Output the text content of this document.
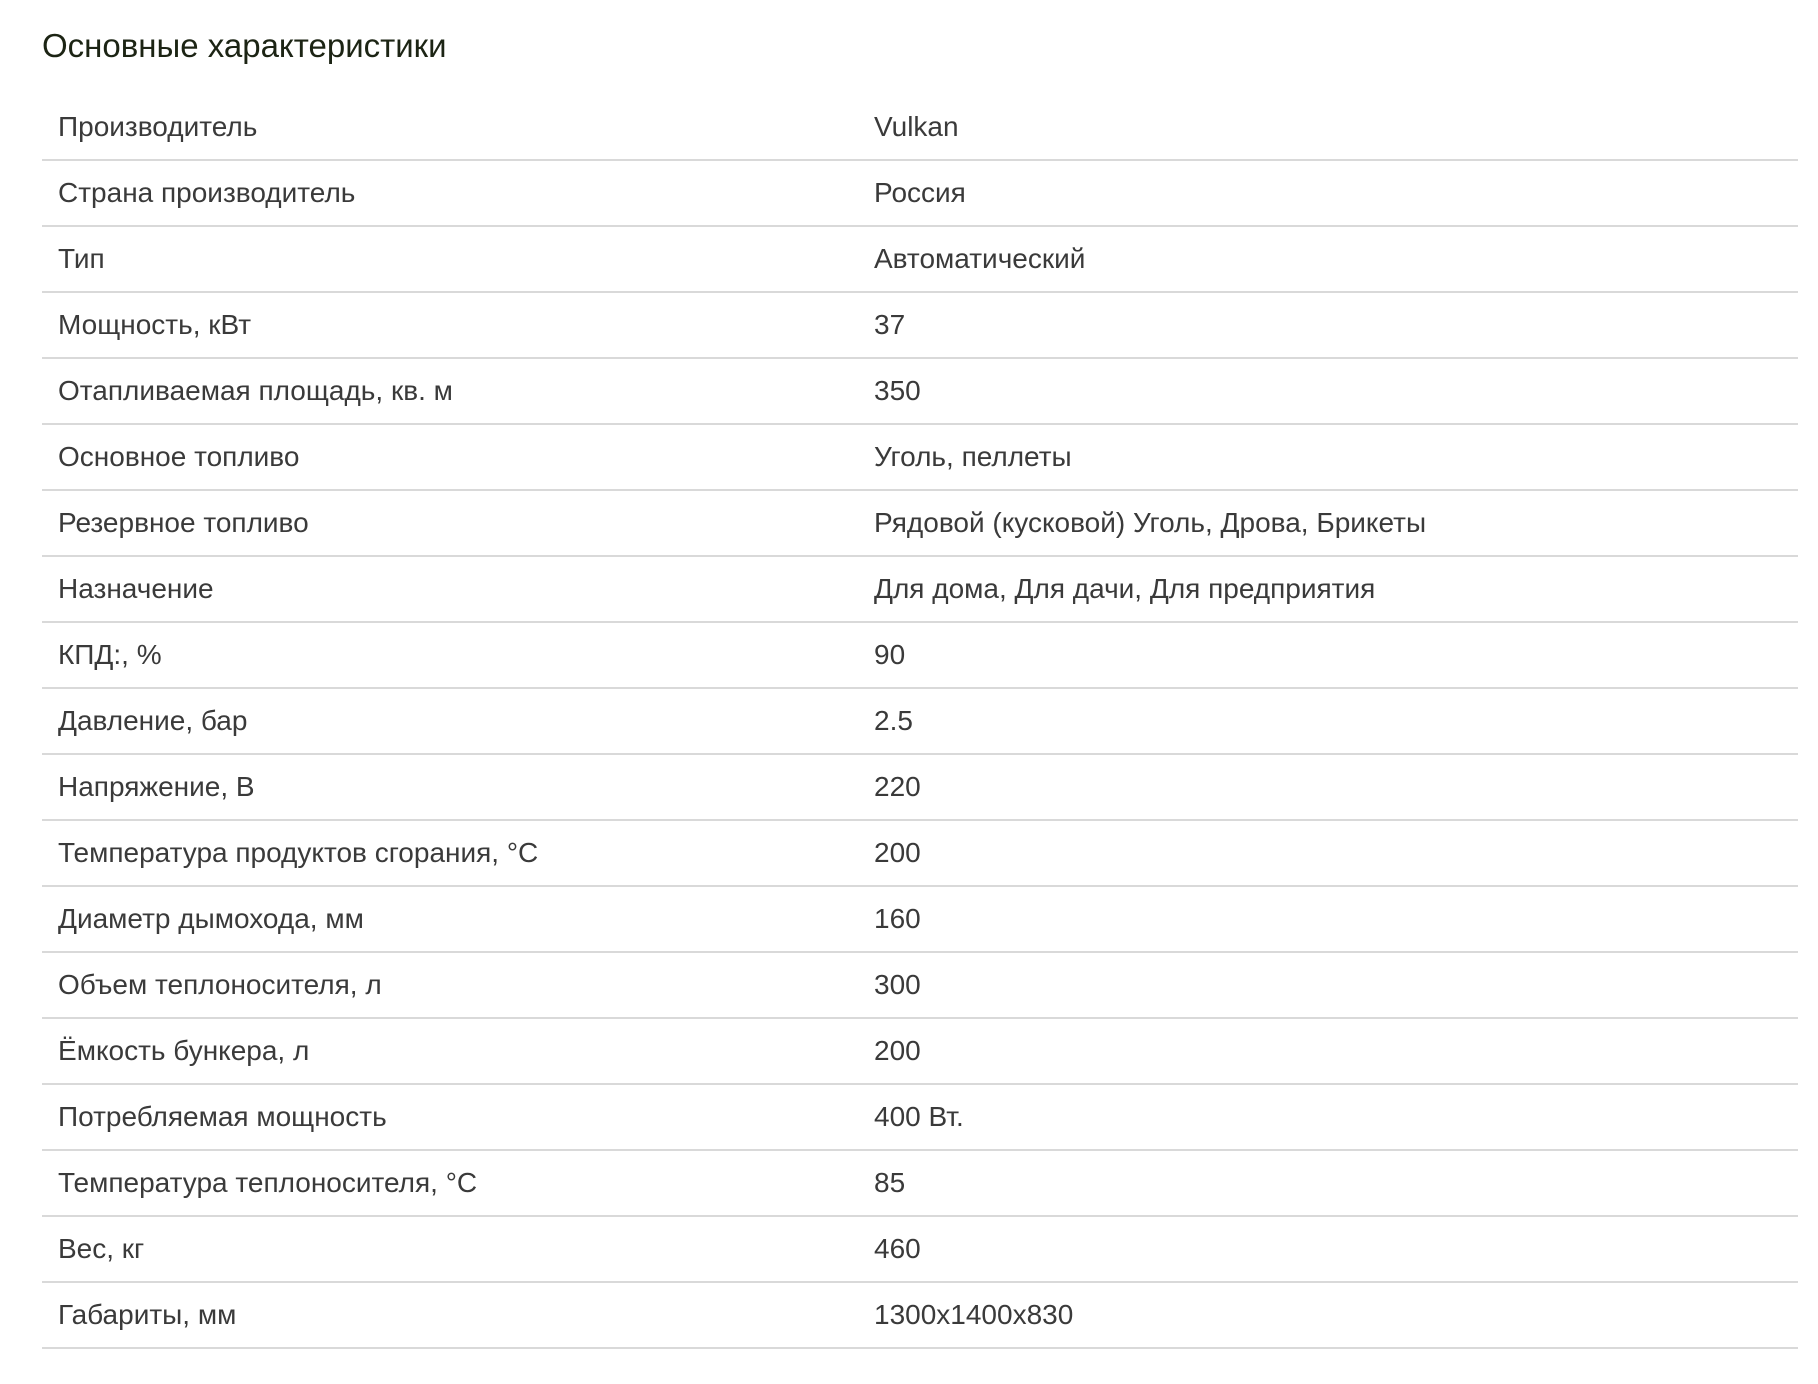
Основные характеристики
Производитель	Vulkan
Страна производитель	Россия
Тип	Автоматический
Мощность, кВт	37
Отапливаемая площадь, кв. м	350
Основное топливо	Уголь, пеллеты
Резервное топливо	Рядовой (кусковой) Уголь, Дрова, Брикеты
Назначение	Для дома, Для дачи, Для предприятия
КПД:, %	90
Давление, бар	2.5
Напряжение, В	220
Температура продуктов сгорания, °C	200
Диаметр дымохода, мм	160
Объем теплоносителя, л	300
Ёмкость бункера, л	200
Потребляемая мощность	400 Вт.
Температура теплоносителя, °C	85
Вес, кг	460
Габариты, мм	1300x1400x830
